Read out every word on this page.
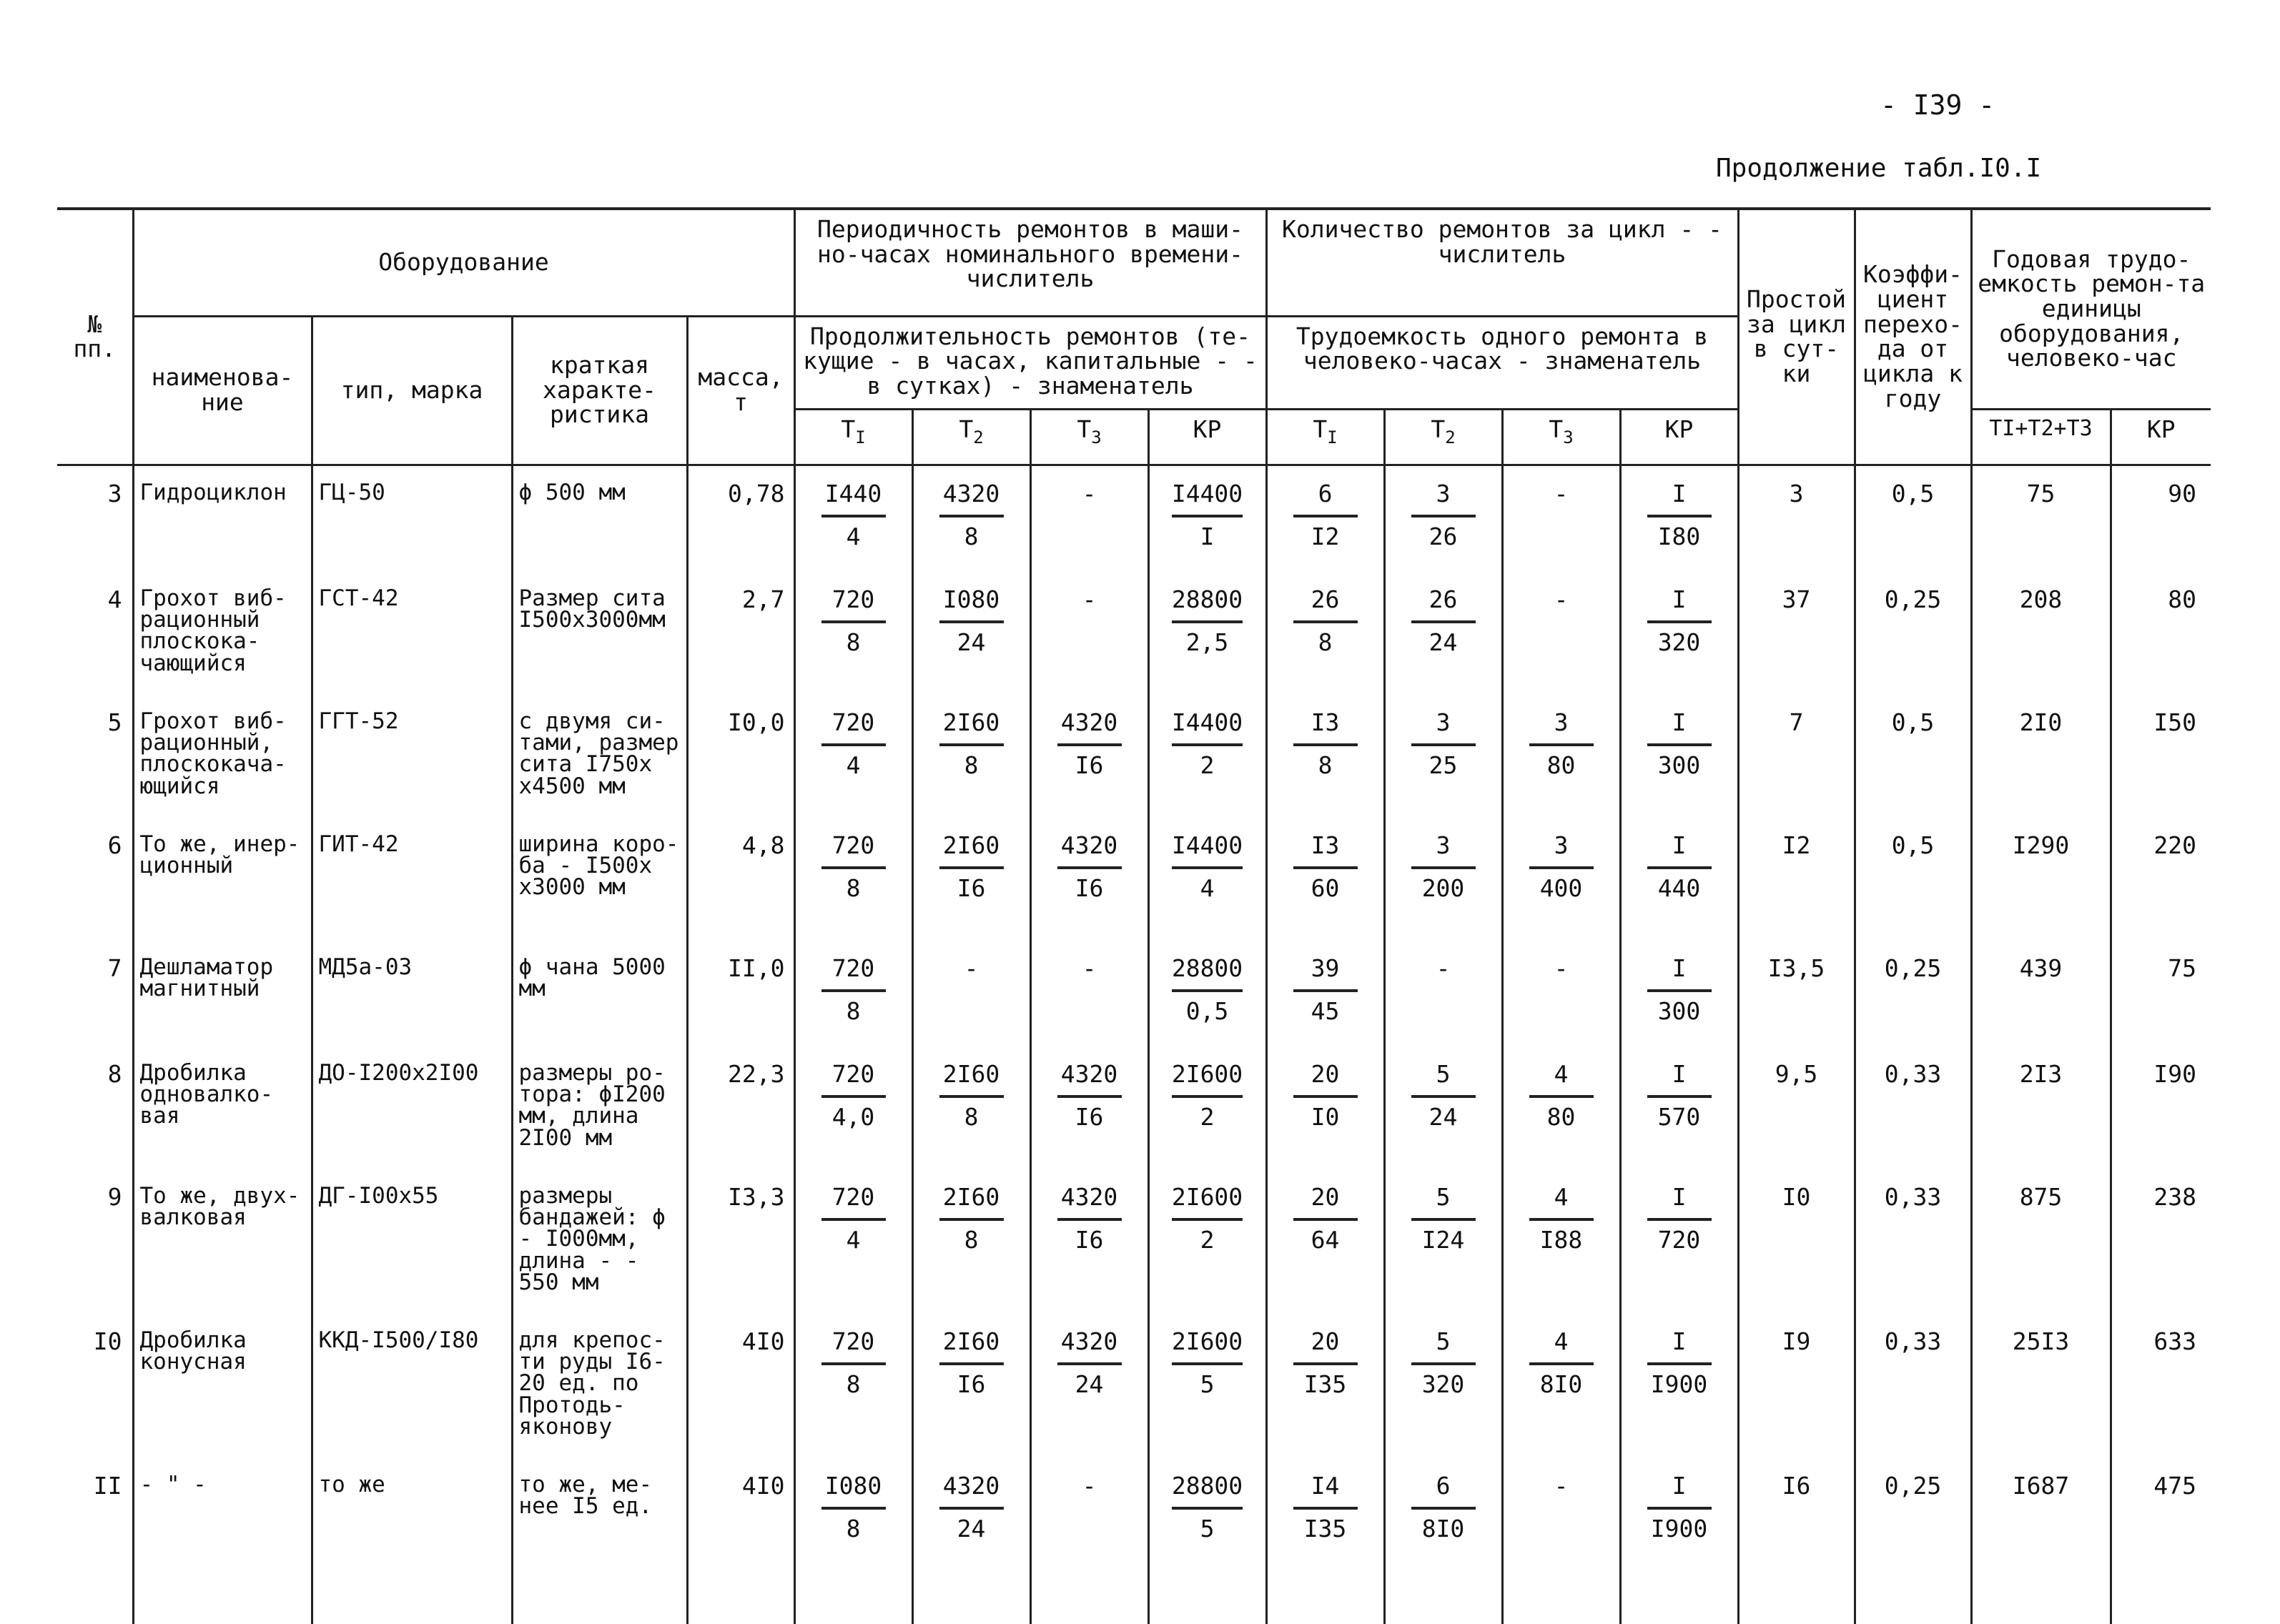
- I39 -
Продолжение табл.I0.I
№ пп.	Оборудование				Периодичность ремонтов в маши-но-часах номинального времени-числитель				Количество ремонтов за цикл - - числитель				Простой за цикл в сут-ки	Коэффи-циент перехо-да от цикла к году	Годовая трудо-емкость ремон-та единицы оборудования, человеко-час	
	наименова-ние	тип, марка	краткая характе-ристика	масса, т	Продолжительность ремонтов (те-кущие - в часах, капитальные - - в сутках) - знаменатель				Трудоемкость одного ремонта в человеко-часах - знаменатель							
					$T_I$	$T_2$	$T_3$	КР	$T_I$	$T_2$	$T_3$	КР			TI+T2+T3	КР
3	Гидроциклон	ГЦ-50	ϕ 500 мм	0,78	$\frac{I440}{4}$	$\frac{4320}{8}$	-	$\frac{I4400}{I}$	$\frac{6}{I2}$	$\frac{3}{26}$	-	$\frac{I}{I80}$	3	0,5	75	90
4	Грохот виб-рационный плоскока-чающийся	ГСТ-42	Размер сита I500х3000мм	2,7	$\frac{720}{8}$	$\frac{I080}{24}$	-	$\frac{28800}{2,5}$	$\frac{26}{8}$	$\frac{26}{24}$	-	$\frac{I}{320}$	37	0,25	208	80
5	Грохот виб-рационный, плоскокача-ющийся	ГГТ-52	с двумя си-тами, размер сита I750х х4500 мм	I0,0	$\frac{720}{4}$	$\frac{2I60}{8}$	$\frac{4320}{I6}$	$\frac{I4400}{2}$	$\frac{I3}{8}$	$\frac{3}{25}$	$\frac{3}{80}$	$\frac{I}{300}$	7	0,5	2I0	I50
6	То же, инер-ционный	ГИТ-42	ширина коро-ба - I500х х3000 мм	4,8	$\frac{720}{8}$	$\frac{2I60}{I6}$	$\frac{4320}{I6}$	$\frac{I4400}{4}$	$\frac{I3}{60}$	$\frac{3}{200}$	$\frac{3}{400}$	$\frac{I}{440}$	I2	0,5	I290	220
7	Дешламатор магнитный	МД5а-03	ϕ чана 5000 мм	II,0	$\frac{720}{8}$	-	-	$\frac{28800}{0,5}$	$\frac{39}{45}$	-	-	$\frac{I}{300}$	I3,5	0,25	439	75
8	Дробилка одновалко-вая	ДО-I200х2I00	размеры ро-тора: ϕI200 мм, длина 2I00 мм	22,3	$\frac{720}{4,0}$	$\frac{2I60}{8}$	$\frac{4320}{I6}$	$\frac{2I600}{2}$	$\frac{20}{I0}$	$\frac{5}{24}$	$\frac{4}{80}$	$\frac{I}{570}$	9,5	0,33	2I3	I90
9	То же, двух-валковая	ДГ-I00х55	размеры бандажей: ϕ - I000мм, длина - - 550 мм	I3,3	$\frac{720}{4}$	$\frac{2I60}{8}$	$\frac{4320}{I6}$	$\frac{2I600}{2}$	$\frac{20}{64}$	$\frac{5}{I24}$	$\frac{4}{I88}$	$\frac{I}{720}$	I0	0,33	875	238
I0	Дробилка конусная	ККД-I500/I80	для крепос-ти руды I6-20 ед. по Протодь-яконову	4I0	$\frac{720}{8}$	$\frac{2I60}{I6}$	$\frac{4320}{24}$	$\frac{2I600}{5}$	$\frac{20}{I35}$	$\frac{5}{320}$	$\frac{4}{8I0}$	$\frac{I}{I900}$	I9	0,33	25I3	633
II	- " -	то же	то же, ме-нее I5 ед.	4I0	$\frac{I080}{8}$	$\frac{4320}{24}$	-	$\frac{28800}{5}$	$\frac{I4}{I35}$	$\frac{6}{8I0}$	-	$\frac{I}{I900}$	I6	0,25	I687	475
